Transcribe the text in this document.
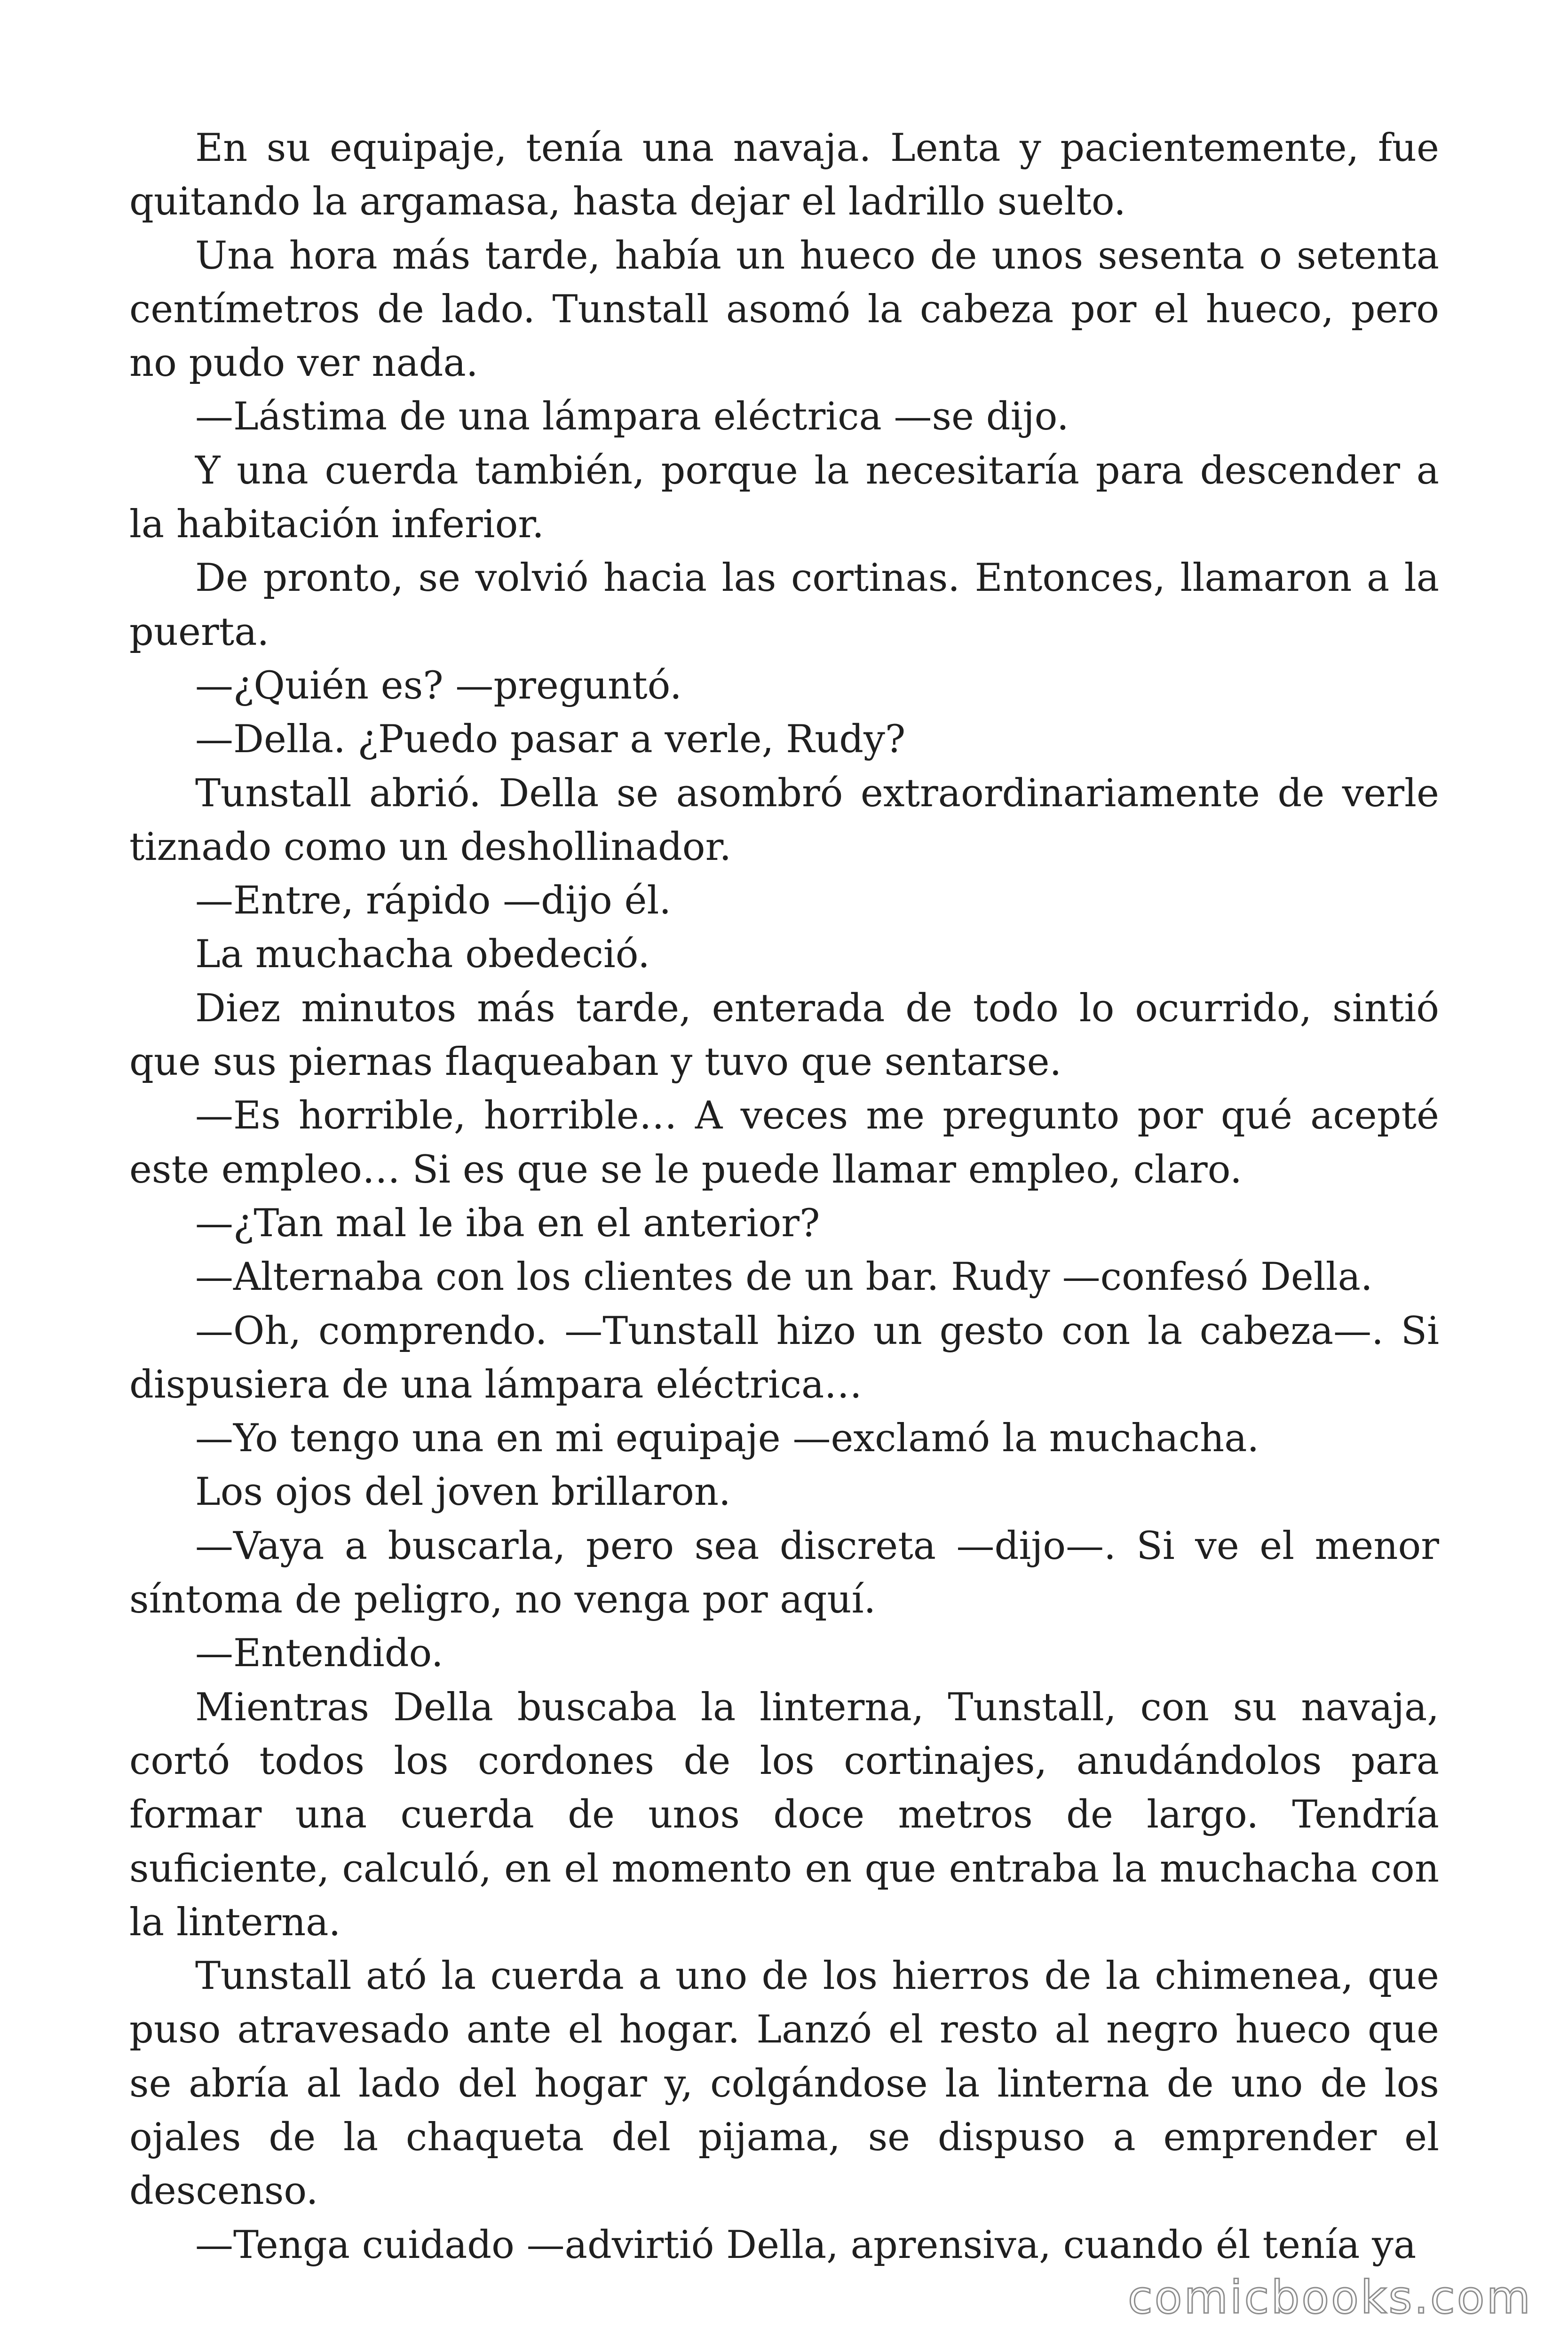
En su equipaje, tenía una navaja. Lenta y pacientemente, fue quitando la argamasa, hasta dejar el ladrillo suelto.

Una hora más tarde, había un hueco de unos sesenta o setenta centímetros de lado. Tunstall asomó la cabeza por el hueco, pero no pudo ver nada.

—Lástima de una lámpara eléctrica —se dijo.

Y una cuerda también, porque la necesitaría para descender a la habitación inferior.

De pronto, se volvió hacia las cortinas. Entonces, llamaron a la puerta.

—¿Quién es? —preguntó.

—Della. ¿Puedo pasar a verle, Rudy?

Tunstall abrió. Della se asombró extraordinariamente de verle tiznado como un deshollinador.

—Entre, rápido —dijo él.

La muchacha obedeció.

Diez minutos más tarde, enterada de todo lo ocurrido, sintió que sus piernas flaqueaban y tuvo que sentarse.

—Es horrible, horrible… A veces me pregunto por qué acepté este empleo… Si es que se le puede llamar empleo, claro.

—¿Tan mal le iba en el anterior?

—Alternaba con los clientes de un bar. Rudy —confesó Della.

—Oh, comprendo. —Tunstall hizo un gesto con la cabeza—. Si dispusiera de una lámpara eléctrica…

—Yo tengo una en mi equipaje —exclamó la muchacha.

Los ojos del joven brillaron.

—Vaya a buscarla, pero sea discreta —dijo—. Si ve el menor síntoma de peligro, no venga por aquí.

—Entendido.

Mientras Della buscaba la linterna, Tunstall, con su navaja, cortó todos los cordones de los cortinajes, anudándolos para formar una cuerda de unos doce metros de largo. Tendría suficiente, calculó, en el momento en que entraba la muchacha con la linterna.

Tunstall ató la cuerda a uno de los hierros de la chimenea, que puso atravesado ante el hogar. Lanzó el resto al negro hueco que se abría al lado del hogar y, colgándose la linterna de uno de los ojales de la chaqueta del pijama, se dispuso a emprender el descenso.

—Tenga cuidado —advirtió Della, aprensiva, cuando él tenía ya

comicbooks.com
